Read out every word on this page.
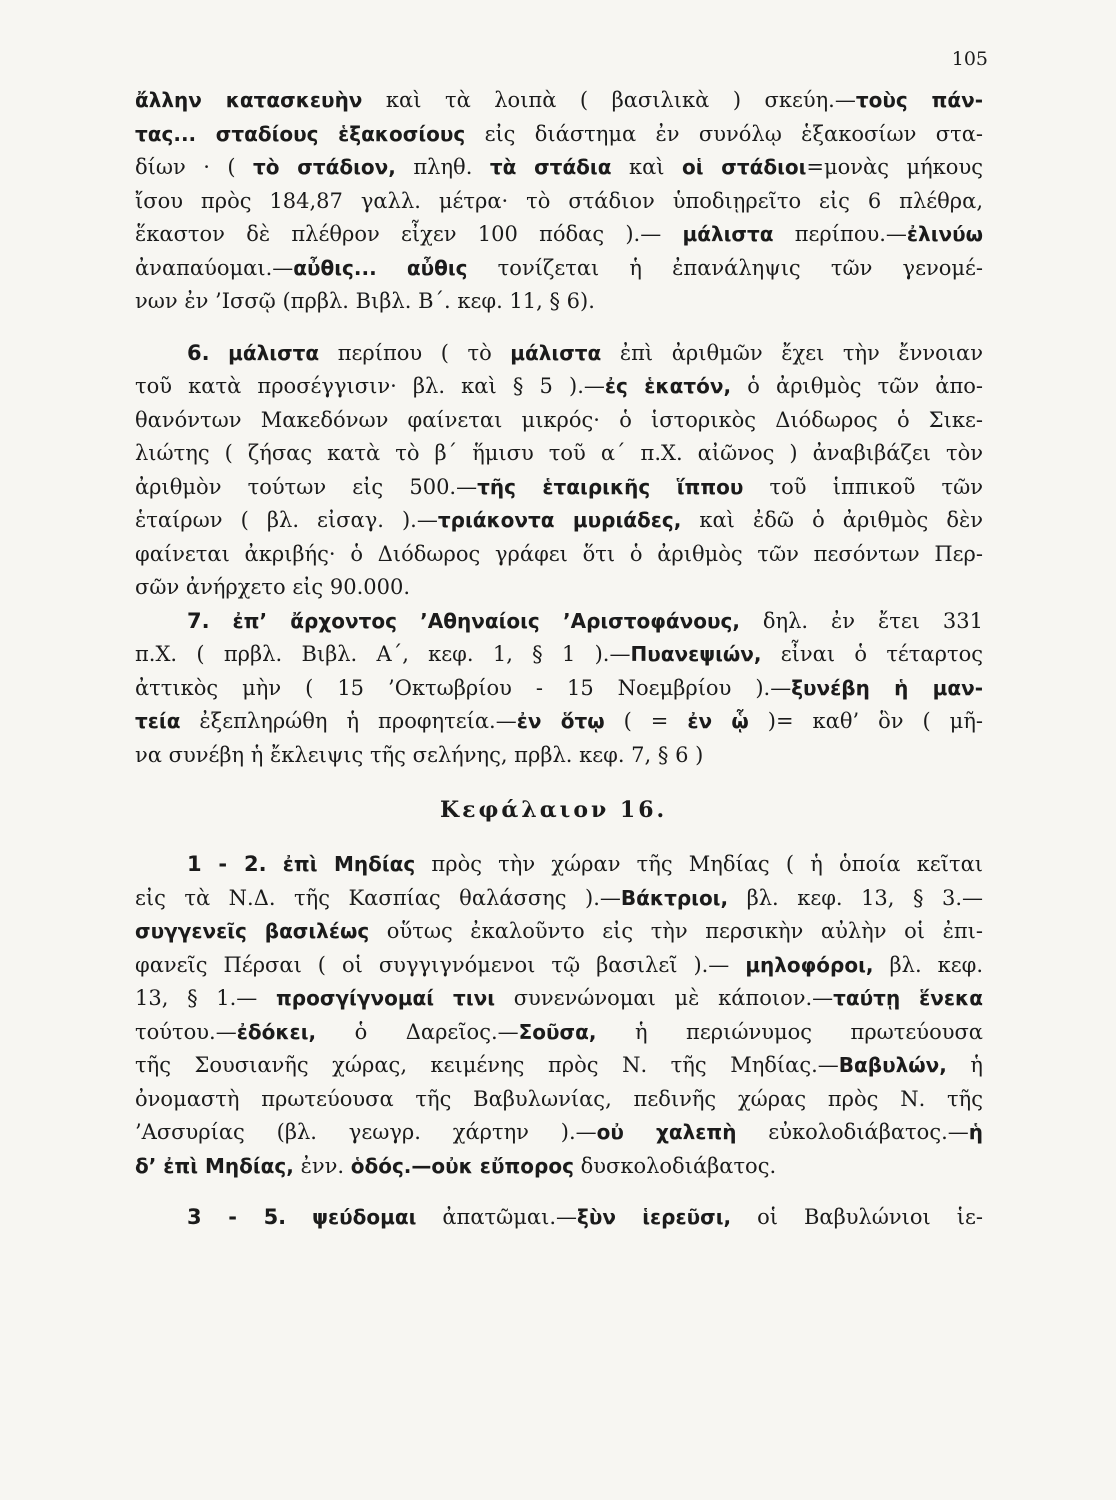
105
ἄλλην κατασκευὴν καὶ τὰ λοιπὰ ( βασιλικὰ ) σκεύη.—τοὺς πάν-
τας... σταδίους ἑξακοσίους εἰς διάστημα ἐν συνόλῳ ἑξακοσίων στα-
δίων · ( τὸ στάδιον, πληθ. τὰ στάδια καὶ οἱ στάδιοι=μονὰς μήκους
ἴσου πρὸς 184,87 γαλλ. μέτρα· τὸ στάδιον ὑποδιῃρεῖτο εἰς 6 πλέθρα,
ἕκαστον δὲ πλέθρον εἶχεν 100 πόδας ).— μάλιστα περίπου.—ἐλινύω
ἀναπαύομαι.—αὖθις... αὖθις τονίζεται ἡ ἐπανάληψις τῶν γενομέ-
νων ἐν ’Ισσῷ (πρβλ. Βιβλ. Β΄. κεφ. 11, § 6).
6. μάλιστα περίπου ( τὸ μάλιστα ἐπὶ ἀριθμῶν ἔχει τὴν ἔννοιαν
τοῦ κατὰ προσέγγισιν· βλ. καὶ § 5 ).—ἐς ἑκατόν, ὁ ἀριθμὸς τῶν ἀπο-
θανόντων Μακεδόνων φαίνεται μικρός· ὁ ἱστορικὸς Διόδωρος ὁ Σικε-
λιώτης ( ζήσας κατὰ τὸ β΄ ἥμισυ τοῦ α΄ π.Χ. αἰῶνος ) ἀναβιβάζει τὸν
ἀριθμὸν τούτων εἰς 500.—τῆς ἑταιρικῆς ἵππου τοῦ ἱππικοῦ τῶν
ἑταίρων ( βλ. εἰσαγ. ).—τριάκοντα μυριάδες, καὶ ἐδῶ ὁ ἀριθμὸς δὲν
φαίνεται ἀκριβής· ὁ Διόδωρος γράφει ὅτι ὁ ἀριθμὸς τῶν πεσόντων Περ-
σῶν ἀνήρχετο εἰς 90.000.
7. ἐπ’ ἄρχοντος ’Αθηναίοις ’Αριστοφάνους, δηλ. ἐν ἔτει 331
π.Χ. ( πρβλ. Βιβλ. Α΄, κεφ. 1, § 1 ).—Πυανεψιών, εἶναι ὁ τέταρτος
ἀττικὸς μὴν ( 15 ’Οκτωβρίου - 15 Νοεμβρίου ).—ξυνέβη ἡ μαν-
τεία ἐξεπληρώθη ἡ προφητεία.—ἐν ὅτῳ ( = ἐν ᾧ )= καθ’ ὃν ( μῆ-
να συνέβη ἡ ἔκλειψις τῆς σελήνης, πρβλ. κεφ. 7, § 6 )
Κεφάλαιον 16.
1 - 2. ἐπὶ Μηδίας πρὸς τὴν χώραν τῆς Μηδίας ( ἡ ὁποία κεῖται
εἰς τὰ Ν.Δ. τῆς Κασπίας θαλάσσης ).—Βάκτριοι, βλ. κεφ. 13, § 3.—
συγγενεῖς βασιλέως οὕτως ἐκαλοῦντο εἰς τὴν περσικὴν αὐλὴν οἱ ἐπι-
φανεῖς Πέρσαι ( οἱ συγγιγνόμενοι τῷ βασιλεῖ ).— μηλοφόροι, βλ. κεφ.
13, § 1.— προσγίγνομαί τινι συνενώνομαι μὲ κάποιον.—ταύτῃ ἕνεκα
τούτου.—ἐδόκει, ὁ Δαρεῖος.—Σοῦσα, ἡ περιώνυμος πρωτεύουσα
τῆς Σουσιανῆς χώρας, κειμένης πρὸς Ν. τῆς Μηδίας.—Βαβυλών, ἡ
ὀνομαστὴ πρωτεύουσα τῆς Βαβυλωνίας, πεδινῆς χώρας πρὸς Ν. τῆς
’Ασσυρίας (βλ. γεωγρ. χάρτην ).—οὐ χαλεπὴ εὐκολοδιάβατος.—ἡ
δ’ ἐπὶ Μηδίας, ἐνν. ὁδός.—οὐκ εὔπορος δυσκολοδιάβατος.
3 - 5. ψεύδομαι ἀπατῶμαι.—ξὺν ἱερεῦσι, οἱ Βαβυλώνιοι ἱε-
